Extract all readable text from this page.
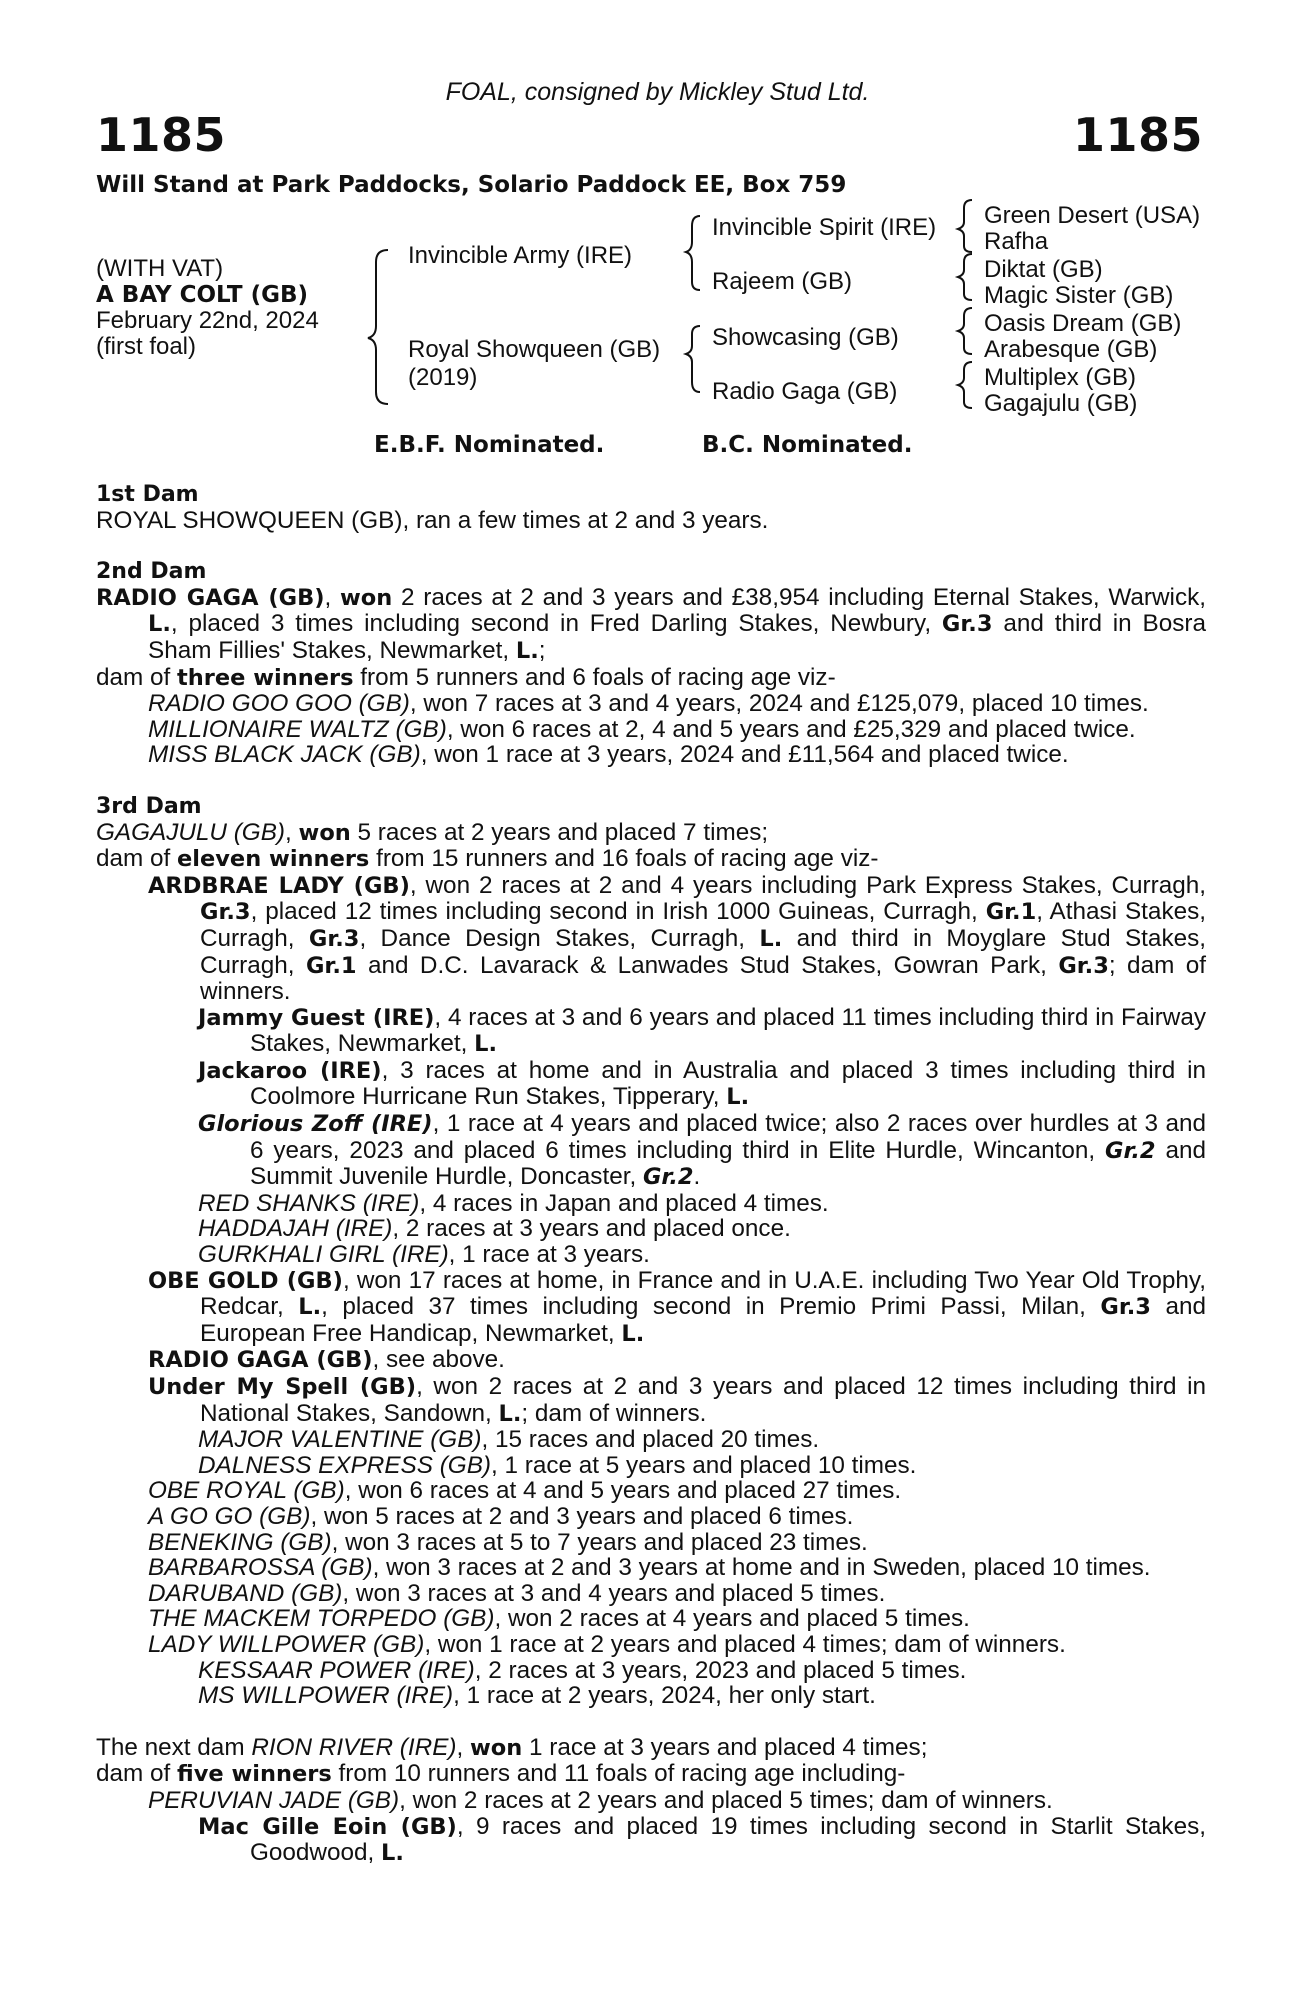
FOAL, consigned by Mickley Stud Ltd.
1185	1185
Will Stand at Park Paddocks, Solario Paddock EE, Box 759
(WITH VAT)
A BAY COLT (GB)
February 22nd, 2024
(first foal)
Invincible Army (IRE)
Royal Showqueen (GB)
(2019)
Invincible Spirit (IRE)
Rajeem (GB)
Showcasing (GB)
Radio Gaga (GB)
Green Desert (USA)
Rafha
Diktat (GB)
Magic Sister (GB)
Oasis Dream (GB)
Arabesque (GB)
Multiplex (GB)
Gagajulu (GB)
E.B.F. Nominated.	B.C. Nominated.
1st Dam
ROYAL SHOWQUEEN (GB), ran a few times at 2 and 3 years.
2nd Dam
RADIO GAGA (GB), won 2 races at 2 and 3 years and £38,954 including Eternal Stakes, Warwick, L., placed 3 times including second in Fred Darling Stakes, Newbury, Gr.3 and third in Bosra Sham Fillies' Stakes, Newmarket, L.;
dam of three winners from 5 runners and 6 foals of racing age viz-
RADIO GOO GOO (GB), won 7 races at 3 and 4 years, 2024 and £125,079, placed 10 times.
MILLIONAIRE WALTZ (GB), won 6 races at 2, 4 and 5 years and £25,329 and placed twice.
MISS BLACK JACK (GB), won 1 race at 3 years, 2024 and £11,564 and placed twice.
3rd Dam
GAGAJULU (GB), won 5 races at 2 years and placed 7 times;
dam of eleven winners from 15 runners and 16 foals of racing age viz-
ARDBRAE LADY (GB), won 2 races at 2 and 4 years including Park Express Stakes, Curragh, Gr.3, placed 12 times including second in Irish 1000 Guineas, Curragh, Gr.1, Athasi Stakes, Curragh, Gr.3, Dance Design Stakes, Curragh, L. and third in Moyglare Stud Stakes, Curragh, Gr.1 and D.C. Lavarack & Lanwades Stud Stakes, Gowran Park, Gr.3; dam of winners.
Jammy Guest (IRE), 4 races at 3 and 6 years and placed 11 times including third in Fairway Stakes, Newmarket, L.
Jackaroo (IRE), 3 races at home and in Australia and placed 3 times including third in Coolmore Hurricane Run Stakes, Tipperary, L.
Glorious Zoff (IRE), 1 race at 4 years and placed twice; also 2 races over hurdles at 3 and 6 years, 2023 and placed 6 times including third in Elite Hurdle, Wincanton, Gr.2 and Summit Juvenile Hurdle, Doncaster, Gr.2.
RED SHANKS (IRE), 4 races in Japan and placed 4 times.
HADDAJAH (IRE), 2 races at 3 years and placed once.
GURKHALI GIRL (IRE), 1 race at 3 years.
OBE GOLD (GB), won 17 races at home, in France and in U.A.E. including Two Year Old Trophy, Redcar, L., placed 37 times including second in Premio Primi Passi, Milan, Gr.3 and European Free Handicap, Newmarket, L.
RADIO GAGA (GB), see above.
Under My Spell (GB), won 2 races at 2 and 3 years and placed 12 times including third in National Stakes, Sandown, L.; dam of winners.
MAJOR VALENTINE (GB), 15 races and placed 20 times.
DALNESS EXPRESS (GB), 1 race at 5 years and placed 10 times.
OBE ROYAL (GB), won 6 races at 4 and 5 years and placed 27 times.
A GO GO (GB), won 5 races at 2 and 3 years and placed 6 times.
BENEKING (GB), won 3 races at 5 to 7 years and placed 23 times.
BARBAROSSA (GB), won 3 races at 2 and 3 years at home and in Sweden, placed 10 times.
DARUBAND (GB), won 3 races at 3 and 4 years and placed 5 times.
THE MACKEM TORPEDO (GB), won 2 races at 4 years and placed 5 times.
LADY WILLPOWER (GB), won 1 race at 2 years and placed 4 times; dam of winners.
KESSAAR POWER (IRE), 2 races at 3 years, 2023 and placed 5 times.
MS WILLPOWER (IRE), 1 race at 2 years, 2024, her only start.
The next dam RION RIVER (IRE), won 1 race at 3 years and placed 4 times;
dam of five winners from 10 runners and 11 foals of racing age including-
PERUVIAN JADE (GB), won 2 races at 2 years and placed 5 times; dam of winners.
Mac Gille Eoin (GB), 9 races and placed 19 times including second in Starlit Stakes, Goodwood, L.
